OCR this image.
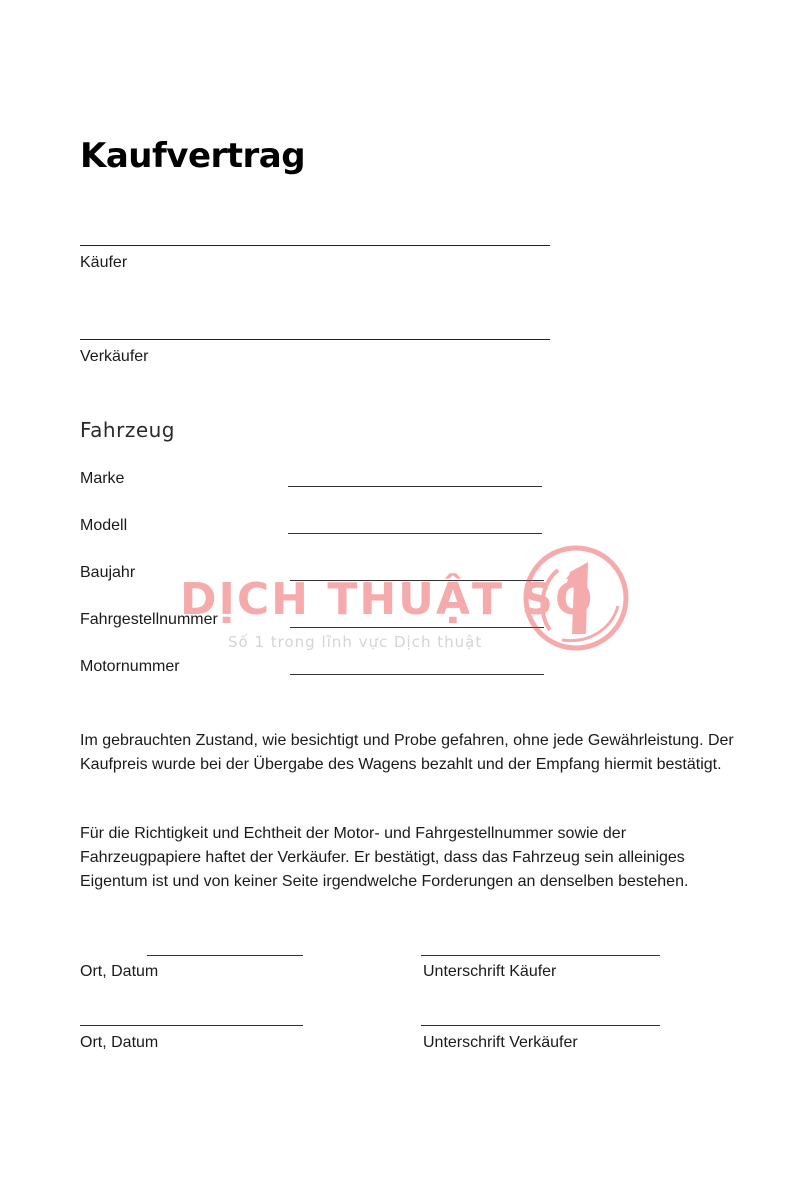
Kaufvertrag
Käufer
Verkäufer
Fahrzeug
Marke
Modell
Baujahr
Fahrgestellnummer
Motornummer

Im gebrauchten Zustand, wie besichtigt und Probe gefahren, ohne jede Gewährleistung. Der Kaufpreis wurde bei der Übergabe des Wagens bezahlt und der Empfang hiermit bestätigt.

Für die Richtigkeit und Echtheit der Motor- und Fahrgestellnummer sowie der Fahrzeugpapiere haftet der Verkäufer. Er bestätigt, dass das Fahrzeug sein alleiniges Eigentum ist und von keiner Seite irgendwelche Forderungen an denselben bestehen.

Ort, Datum	Unterschrift Käufer
Ort, Datum	Unterschrift Verkäufer
DỊCH THUẬT SỐ
Số 1 trong lĩnh vực Dịch thuật
